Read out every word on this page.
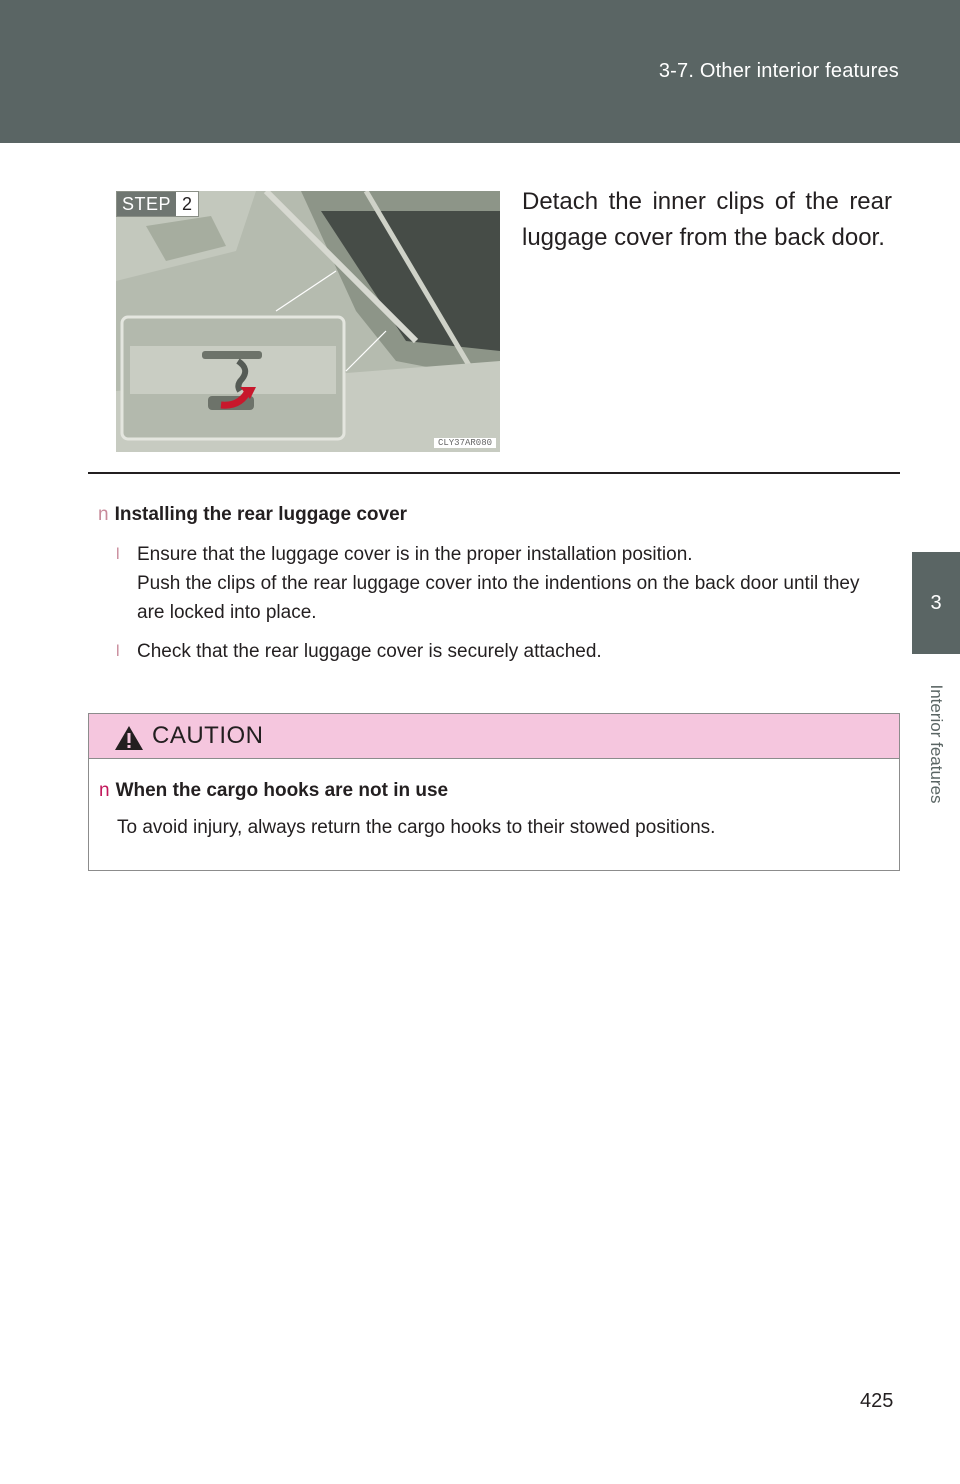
3-7. Other interior features
3
Interior features
STEP 2
CLY37AR080
Detach the inner clips of the rear luggage cover from the back door.
n Installing the rear luggage cover
l Ensure that the luggage cover is in the proper installation position.
Push the clips of the rear luggage cover into the indentions on the back door until they are locked into place.
l Check that the rear luggage cover is securely attached.
CAUTION
n When the cargo hooks are not in use
To avoid injury, always return the cargo hooks to their stowed positions.
425
